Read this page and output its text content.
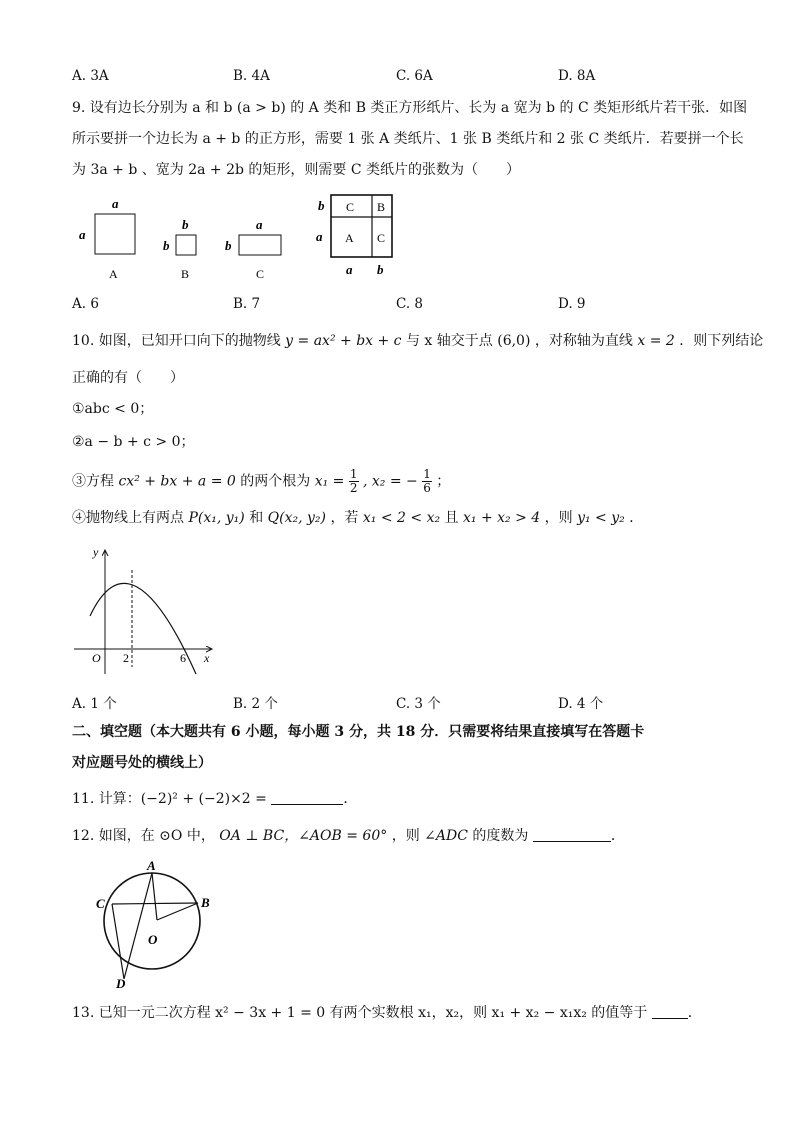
A. 3A	B. 4A	C. 6A	D. 8A
9. 设有边长分别为 a 和 b (a > b) 的 A 类和 B 类正方形纸片、长为 a 宽为 b 的 C 类矩形纸片若干张．如图
所示要拼一个边长为 a + b 的正方形，需要 1 张 A 类纸片、1 张 B 类纸片和 2 张 C 类纸片．若要拼一个长
为 3a + b 、宽为 2a + 2b 的矩形，则需要 C 类纸片的张数为（　　）
a
a
A
b
b
B
a
b
C
C B
A C
b
a
a b
A. 6	B. 7	C. 8	D. 9
10. 如图，已知开口向下的抛物线 y = ax² + bx + c 与 x 轴交于点 (6,0) ，对称轴为直线 x = 2 ．则下列结论
正确的有（　　）
①abc < 0；
②a − b + c > 0；
③方程 cx² + bx + a = 0 的两个根为 $x_1 = \frac{1}{2}$ , x₂ = − $\frac{1}{6}$ ；
④抛物线上有两点 P(x₁, y₁) 和 Q(x₂, y₂) ，若 x₁ < 2 < x₂ 且 x₁ + x₂ > 4 ，则 y₁ < y₂ ．
y
x
O 2	6
A. 1 个	B. 2 个	C. 3 个	D. 4 个
二、填空题（本大题共有 6 小题，每小题 3 分，共 18 分．只需要将结果直接填写在答题卡
对应题号处的横线上）
11. 计算：(−2)² + (−2)×2 =	．
12. 如图，在 ⊙O 中， OA ⊥ BC，∠AOB = 60° ，则 ∠ADC 的度数为	．
A
B
C
D
O
13. 已知一元二次方程 x² − 3x + 1 = 0 有两个实数根 x₁，x₂，则 x₁ + x₂ − x₁x₂ 的值等于	．
